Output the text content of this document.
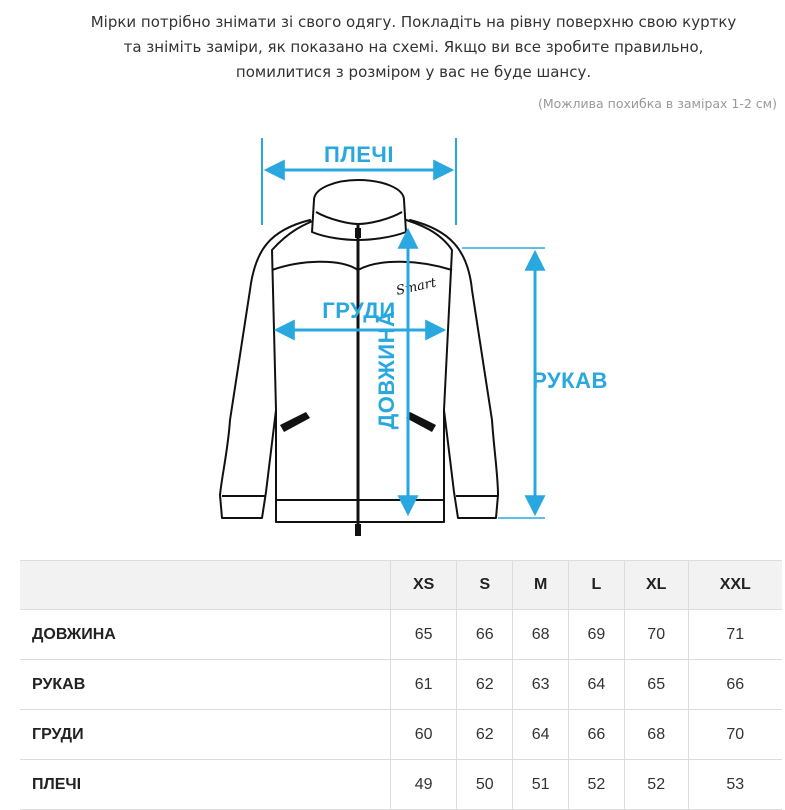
Мірки потрібно знімати зі свого одягу. Покладіть на рівну поверхню свою куртку

та зніміть заміри, як показано на схемі. Якщо ви все зробите правильно,

помилитися з розміром у вас не буде шансу.

(Можлива похибка в замірах 1-2 см)
Smart
ПЛЕЧІ
ГРУДИ
ДОВЖИНА	РУКАВ
	XS	S	M	L	XL	XXL
ДОВЖИНА	65	66	68	69	70	71
РУКАВ	61	62	63	64	65	66
ГРУДИ	60	62	64	66	68	70
ПЛЕЧІ	49	50	51	52	52	53
